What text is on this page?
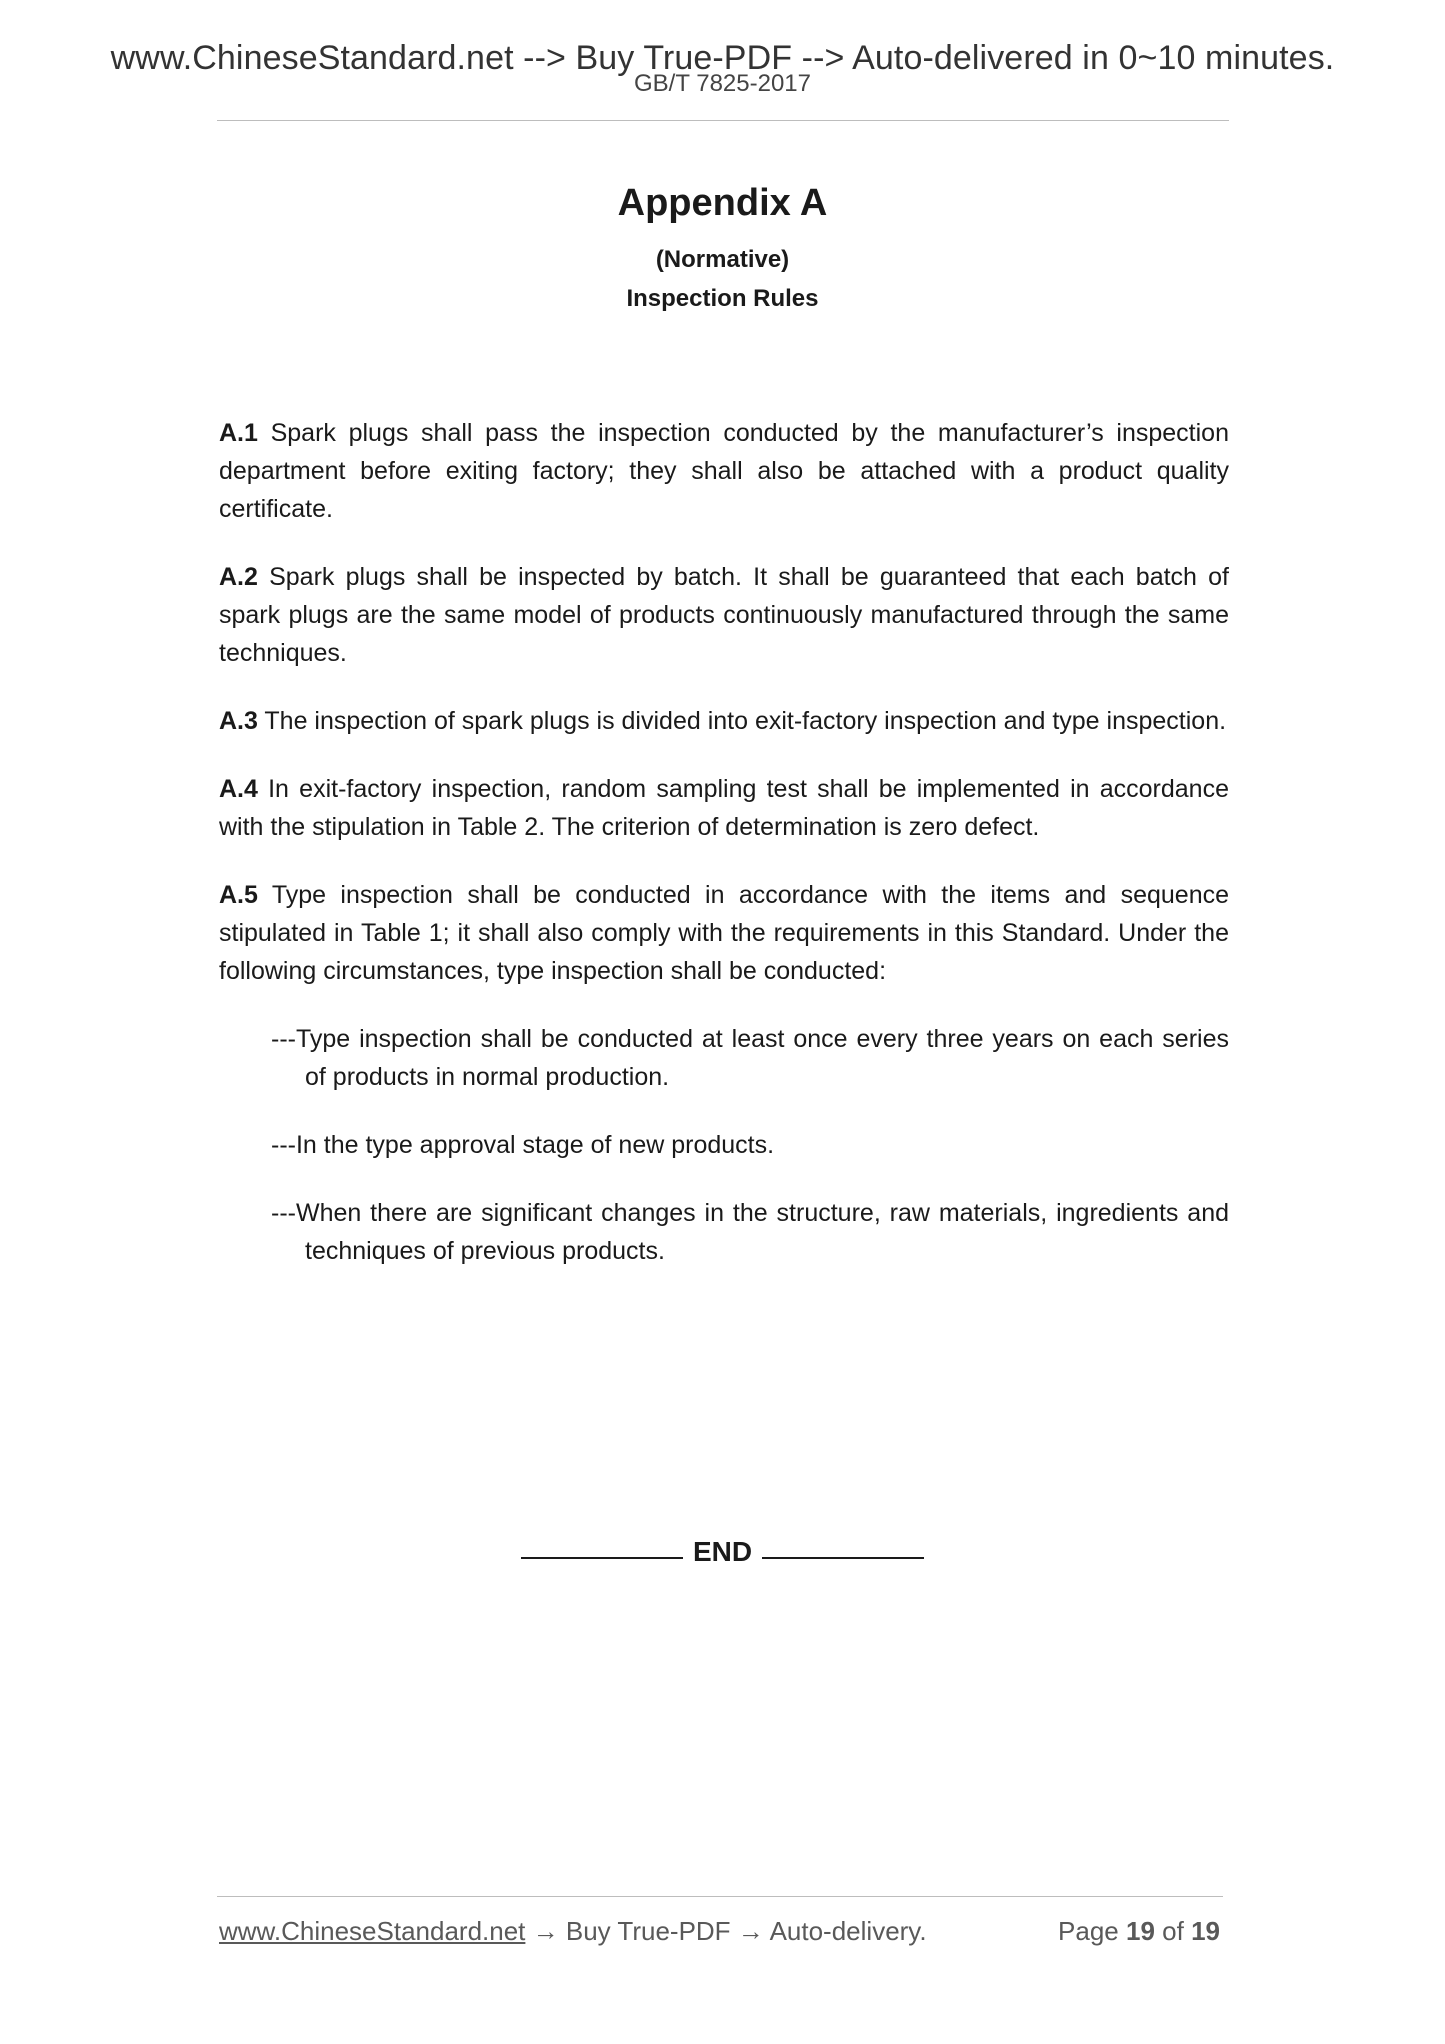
www.ChineseStandard.net --> Buy True-PDF --> Auto-delivered in 0~10 minutes.
GB/T 7825-2017
Appendix A
(Normative)
Inspection Rules

A.1 Spark plugs shall pass the inspection conducted by the manufacturer’s inspection department before exiting factory; they shall also be attached with a product quality certificate.

A.2 Spark plugs shall be inspected by batch. It shall be guaranteed that each batch of spark plugs are the same model of products continuously manufactured through the same techniques.

A.3 The inspection of spark plugs is divided into exit-factory inspection and type inspection.

A.4 In exit-factory inspection, random sampling test shall be implemented in accordance with the stipulation in Table 2. The criterion of determination is zero defect.

A.5 Type inspection shall be conducted in accordance with the items and sequence stipulated in Table 1; it shall also comply with the requirements in this Standard. Under the following circumstances, type inspection shall be conducted:

---Type inspection shall be conducted at least once every three years on each series of products in normal production.

---In the type approval stage of new products.

---When there are significant changes in the structure, raw materials, ingredients and techniques of previous products.

END
www.ChineseStandard.net → Buy True-PDF → Auto-delivery.	Page 19 of 19
